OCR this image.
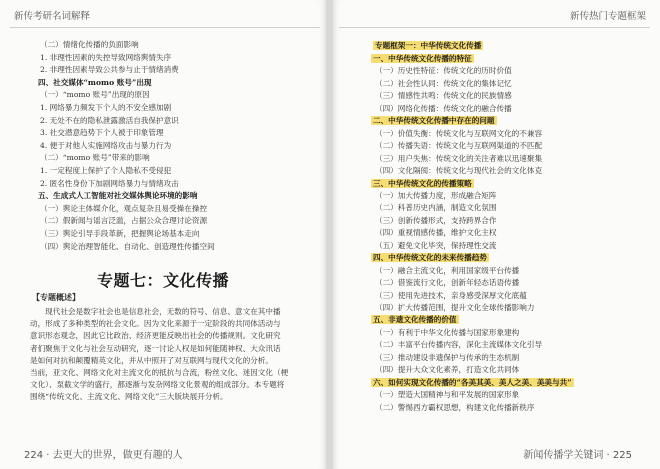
新传考研名词解释
（二）情绪化传播的负面影响
1. 非理性因素的失控导致网络舆情失序
2. 非理性因素导致公共参与止于情绪消费
四、社交媒体“momo 账号”出现
（一）“momo 账号”出现的原因
1. 网络暴力频发下个人的不安全感加剧
2. 无处不在的隐私泄露激活自我保护意识
3. 社交潜意趋势下个人被于印象管理
4. 便于对他人实施网络攻击与暴力行为
（二）“momo 账号”带来的影响
1. 一定程度上保护了个人隐私不受侵犯
2. 匿名性身份下加剧网络暴力与情绪攻击
五、生成式人工智能对社交媒体舆论环境的影响
（一）舆论主体媒介化，观点复杂且易受操在操控
（二）假新闻与谣言泛滥，占据公众合理讨论资源
（三）舆论引导手段革新，把握舆论场基本走向
（四）舆论治理智能化、自动化、创造理性传播空间
专题七：文化传播
【专题概述】
　　现代社会是数字社会也是信息社会，无数的符号、信息、意文在其中播
动，形成了多种类型的社会文化。因为文化来源于一定阶段的共同体活动与
意识形态观念，因此它比政治、经济更能反映出社会的传播规则。文化研究
者们聚焦于文化与社会互动研究，逐一讨论人权是如何能随神权、大众讯话
是如何对抗和颠覆精英文化，并从中照开了对互联网与现代文化的分析。
当前，亚文化、网络文化对主流文化的抵抗与合流，粉丝文化、迷因文化（梗
文化）、泵截文学的盛行，都逐渐与发杂网络文化景观的组成部分。本专题将
围绕“传统文化、主流文化、网络文化”三大版块展开分析。
224 · 去更大的世界，做更有趣的人
新传热门专题框架
专题框架一：中华传统文化传播
一、中华传统文化传播的特征
（一）历史性特征：传统文化的历时价值
（二）社会性认同：传统文化的集体记忆
（三）情感性共鸣：传统文化的民族情感
（四）网络化传播：传统文化的融合传播
二、中华传统文化传播中存在的问题
（一）价值失衡：传统文化与互联网文化的不兼容
（二）传播失语：传统文化与互联网渠道的不匹配
（三）用户失焦：传统文化的关注者难以迅速聚集
（四）文化隔阂：传统文化与现代社会的文化体克
三、中华传统文化的传播策略
（一）加大传播力度，形成融合矩阵
（二）科普历史内涵，制造文化氛围
（三）创新传播形式，支持跨界合作
（四）重视情感传播，维护文化主权
（五）避免文化毕突，保持理性交流
四、中华传统文化的未来传播趋势
（一）融合主流文化，利用国家级平台传播
（二）借鉴流行文化，创新年轻态话语传播
（三）使用先进技术，亲身感受深厚文化底蕴
（四）扩大传播范围，提升文化全球传播影响力
五、非遗文化传播的价值
（一）有利于中华文化传播与国家形象建构
（二）丰富平台传播内容，深化主流媒体文化引导
（三）推动建设非遗保护与传承的生态机制
（四）提升大众文化素养，打造文化共同体
六、如何实现文化传播的“各美其美、美人之美、美美与共”
（一）塑造大国精神与和平发展的国家形象
（二）警惕西方霸权思想，构建文化传播新秩序
新闻传播学关键词 · 225
